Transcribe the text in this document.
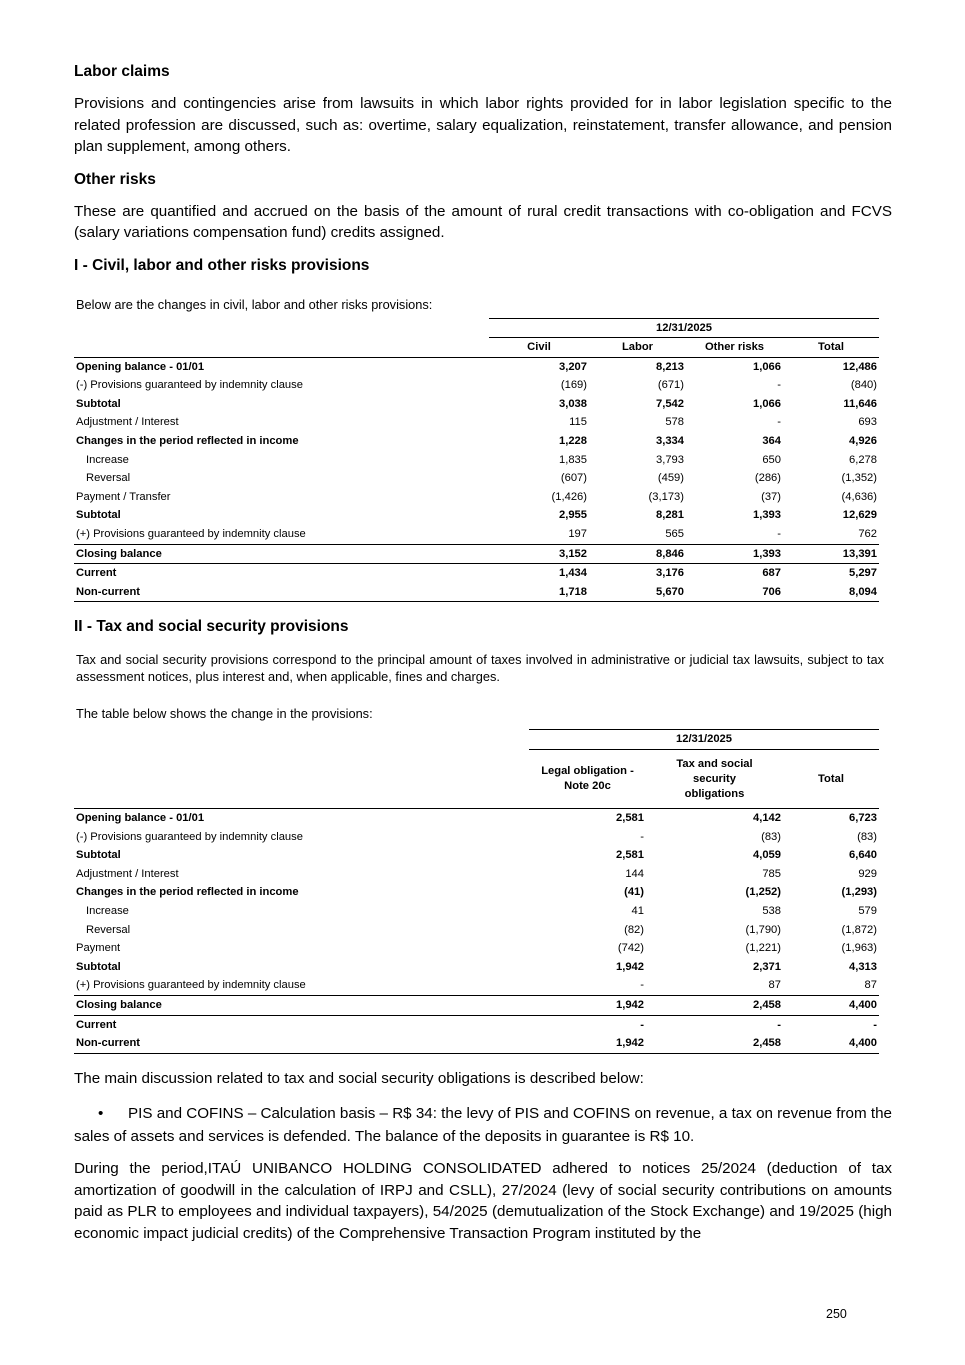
Labor claims

Provisions and contingencies arise from lawsuits in which labor rights provided for in labor legislation specific to the related profession are discussed, such as: overtime, salary equalization, reinstatement, transfer allowance, and pension plan supplement, among others.

Other risks

These are quantified and accrued on the basis of the amount of rural credit transactions with co-obligation and FCVS (salary variations compensation fund) credits assigned.

I - Civil, labor and other risks provisions

Below are the changes in civil, labor and other risks provisions:

	12/31/2025			
	Civil	Labor	Other risks	Total
Opening balance - 01/01	3,207	8,213	1,066	12,486
(-) Provisions guaranteed by indemnity clause	(169)	(671)	-	(840)
Subtotal	3,038	7,542	1,066	11,646
Adjustment / Interest	115	578	-	693
Changes in the period reflected in income	1,228	3,334	364	4,926
Increase	1,835	3,793	650	6,278
Reversal	(607)	(459)	(286)	(1,352)
Payment / Transfer	(1,426)	(3,173)	(37)	(4,636)
Subtotal	2,955	8,281	1,393	12,629
(+) Provisions guaranteed by indemnity clause	197	565	-	762
Closing balance	3,152	8,846	1,393	13,391
Current	1,434	3,176	687	5,297
Non-current	1,718	5,670	706	8,094
II - Tax and social security provisions

Tax and social security provisions correspond to the principal amount of taxes involved in administrative or judicial tax lawsuits, subject to tax assessment notices, plus interest and, when applicable, fines and charges.

The table below shows the change in the provisions:

	12/31/2025		
	Legal obligation - Note 20c	Tax and social security obligations	Total
Opening balance - 01/01	2,581	4,142	6,723
(-) Provisions guaranteed by indemnity clause	-	(83)	(83)
Subtotal	2,581	4,059	6,640
Adjustment / Interest	144	785	929
Changes in the period reflected in income	(41)	(1,252)	(1,293)
Increase	41	538	579
Reversal	(82)	(1,790)	(1,872)
Payment	(742)	(1,221)	(1,963)
Subtotal	1,942	2,371	4,313
(+) Provisions guaranteed by indemnity clause	-	87	87
Closing balance	1,942	2,458	4,400
Current	-	-	-
Non-current	1,942	2,458	4,400

The main discussion related to tax and social security obligations is described below:

• PIS and COFINS – Calculation basis – R$ 34: the levy of PIS and COFINS on revenue, a tax on revenue from the sales of assets and services is defended. The balance of the deposits in guarantee is R$ 10.

During the period,ITAÚ UNIBANCO HOLDING CONSOLIDATED adhered to notices 25/2024 (deduction of tax amortization of goodwill in the calculation of IRPJ and CSLL), 27/2024 (levy of social security contributions on amounts paid as PLR to employees and individual taxpayers), 54/2025 (demutualization of the Stock Exchange) and 19/2025 (high economic impact judicial credits) of the Comprehensive Transaction Program instituted by the

250
